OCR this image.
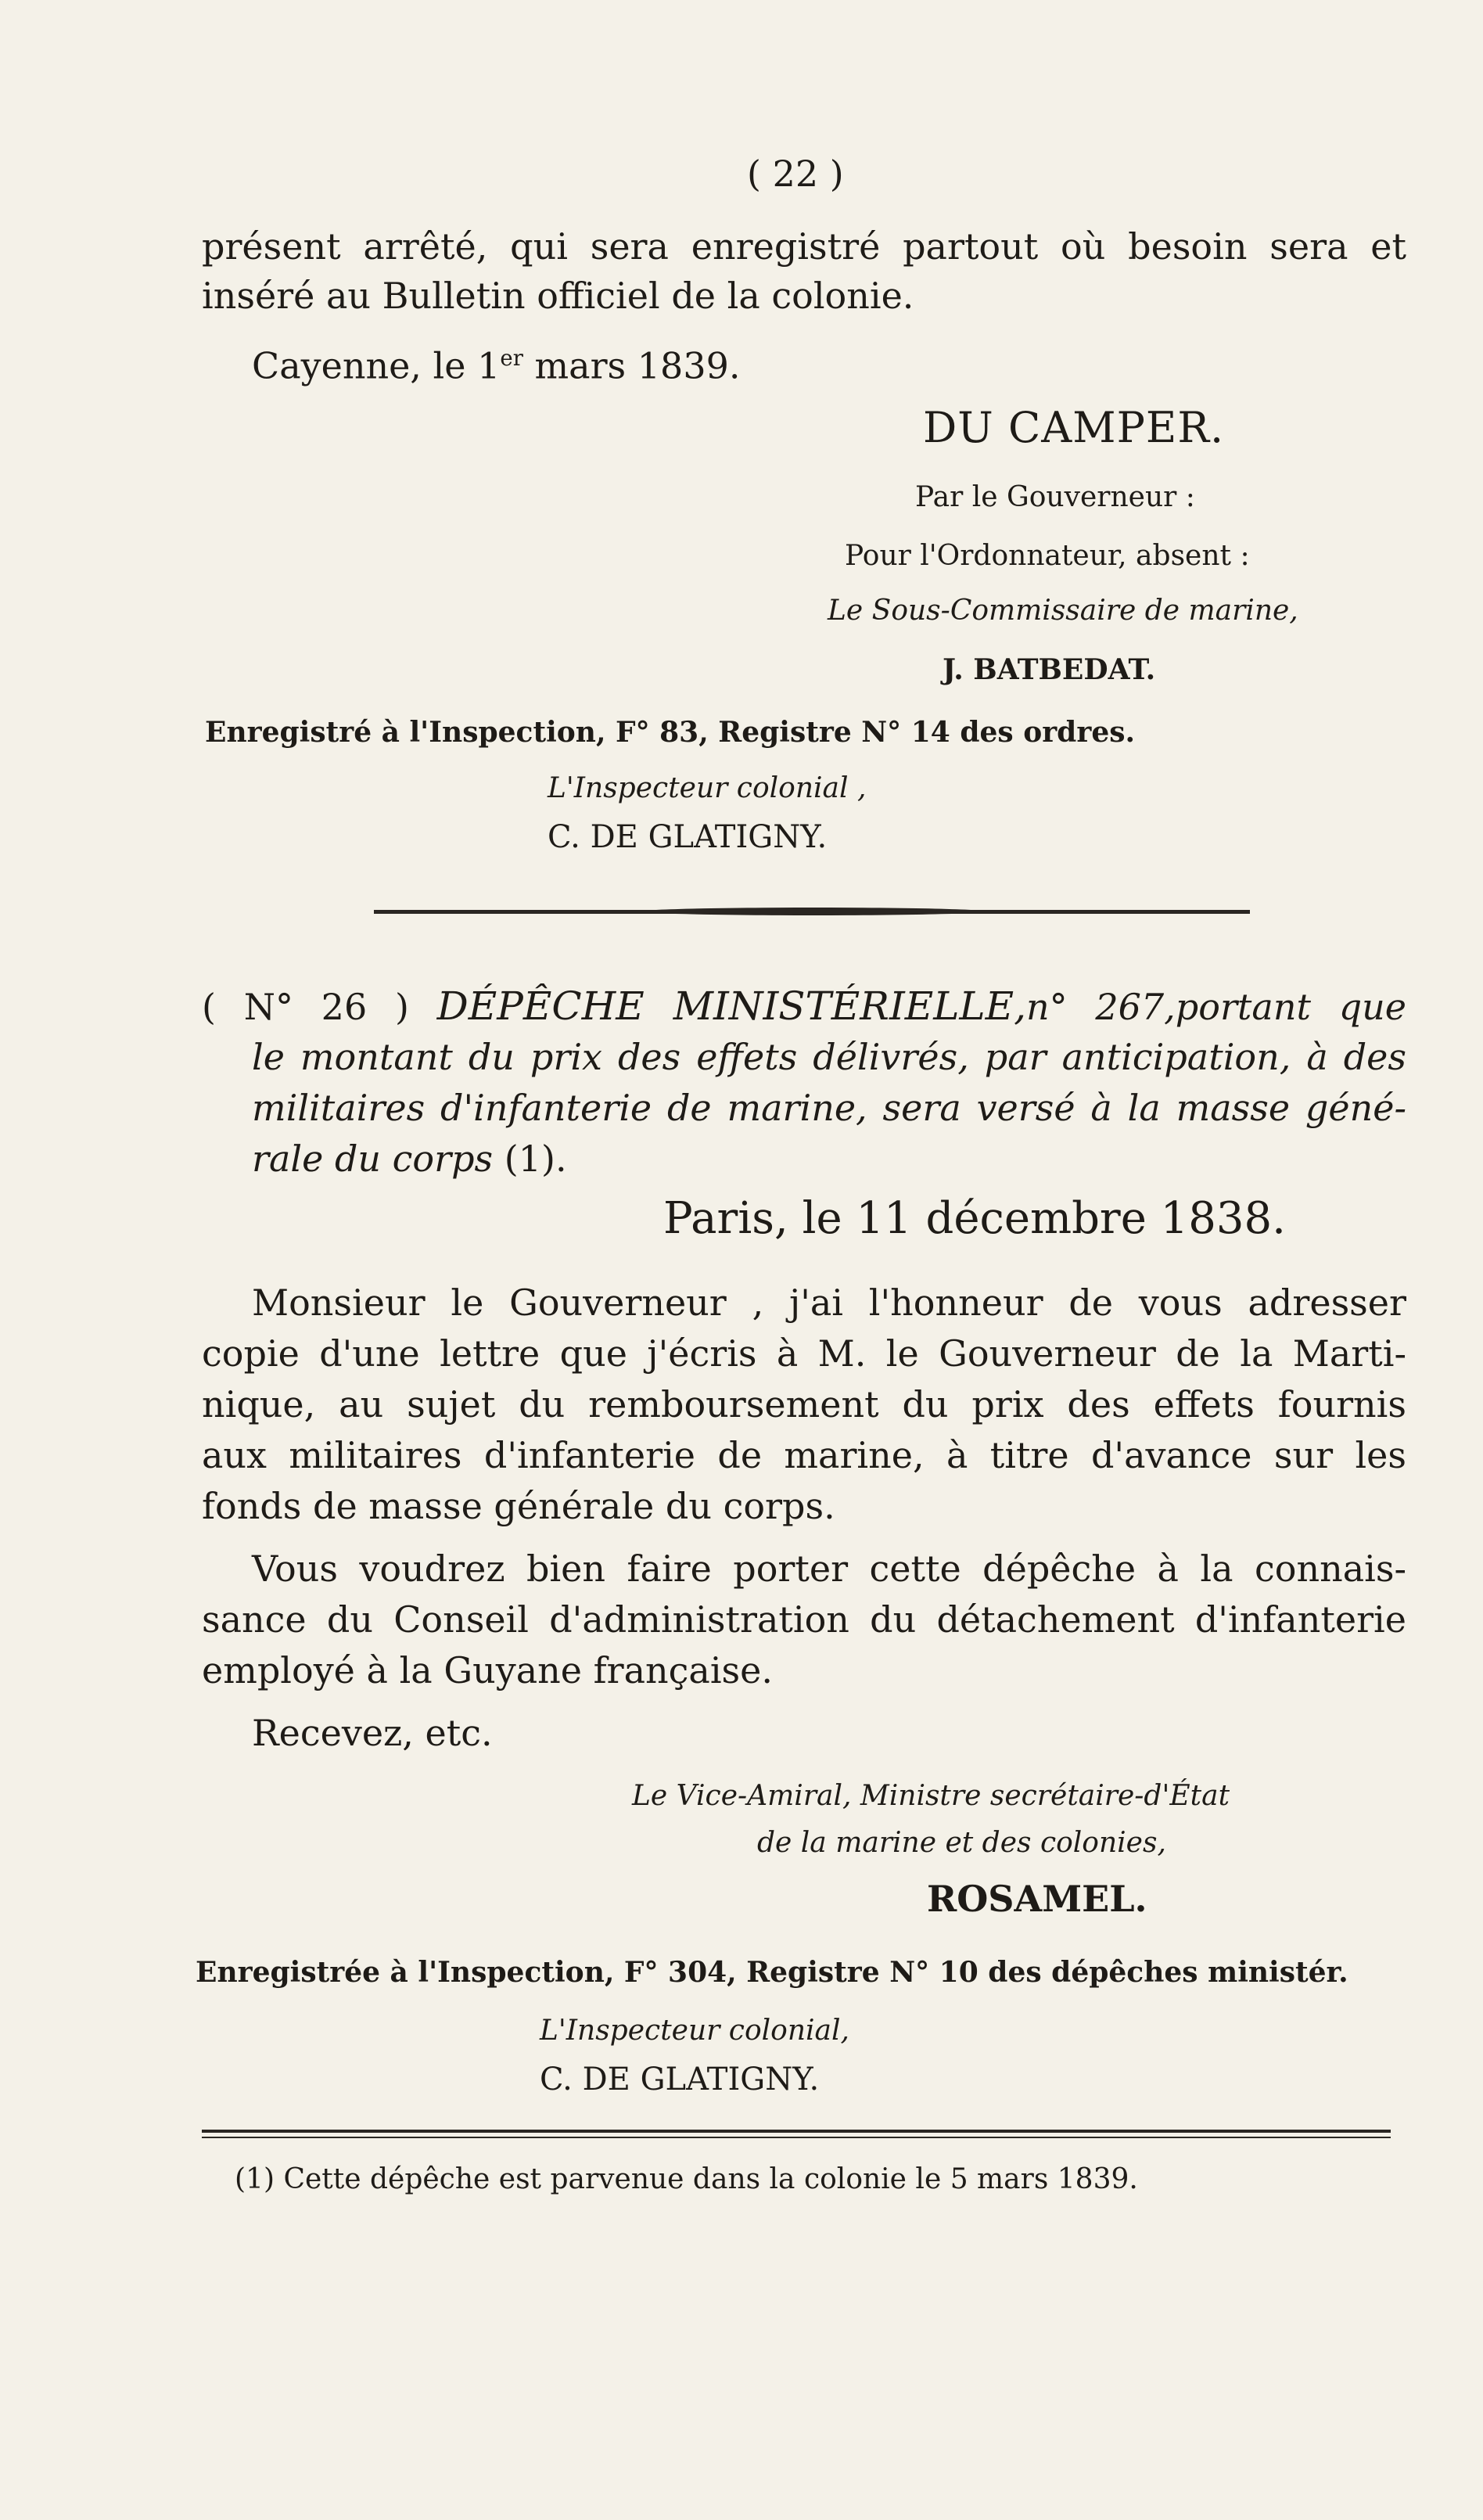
( 22 )
présent arrêté, qui sera enregistré partout où besoin sera et
inséré au Bulletin officiel de la colonie.
Cayenne, le 1er mars 1839.
DU CAMPER.
Par le Gouverneur :
Pour l'Ordonnateur, absent :
Le Sous-Commissaire de marine,
J. BATBEDAT.
Enregistré à l'Inspection, F° 83, Registre N° 14 des ordres.
L'Inspecteur colonial ,
C. DE GLATIGNY.
( N° 26 ) DÉPÊCHE MINISTÉRIELLE,n° 267,portant que
le montant du prix des effets délivrés, par anticipation, à des
militaires d'infanterie de marine, sera versé à la masse géné-
rale du corps (1).
Paris, le 11 décembre 1838.
Monsieur le Gouverneur , j'ai l'honneur de vous adresser
copie d'une lettre que j'écris à M. le Gouverneur de la Marti-
nique, au sujet du remboursement du prix des effets fournis
aux militaires d'infanterie de marine, à titre d'avance sur les
fonds de masse générale du corps.
Vous voudrez bien faire porter cette dépêche à la connais-
sance du Conseil d'administration du détachement d'infanterie
employé à la Guyane française.
Recevez, etc.
Le Vice-Amiral, Ministre secrétaire-d'État
de la marine et des colonies,
ROSAMEL.
Enregistrée à l'Inspection, F° 304, Registre N° 10 des dépêches ministér.
L'Inspecteur colonial,
C. DE GLATIGNY.
(1) Cette dépêche est parvenue dans la colonie le 5 mars 1839.
